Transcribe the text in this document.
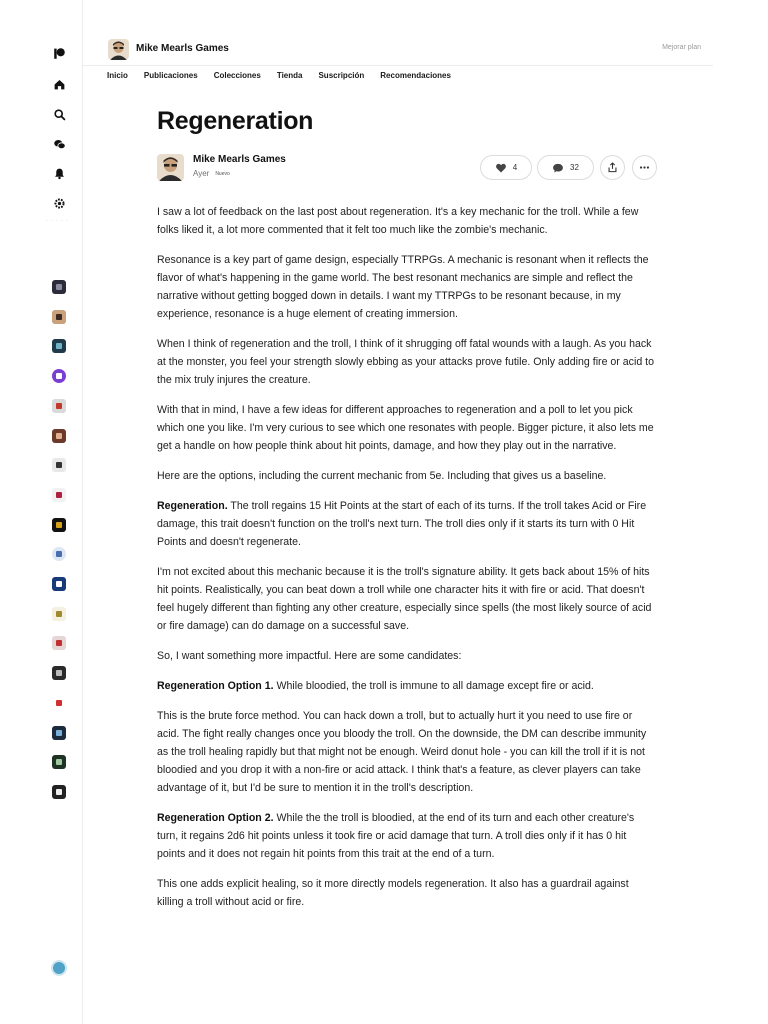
- - - - -
Mike Mearls Games	Mejorar plan
Inicio Publicaciones Colecciones Tienda Suscripción Recomendaciones
Regeneration
Mike Mearls Games
Ayer Nuevo
4	32

I saw a lot of feedback on the last post about regeneration. It's a key mechanic for the troll. While a few folks liked it, a lot more commented that it felt too much like the zombie's mechanic.

Resonance is a key part of game design, especially TTRPGs. A mechanic is resonant when it reflects the flavor of what's happening in the game world. The best resonant mechanics are simple and reflect the narrative without getting bogged down in details. I want my TTRPGs to be resonant because, in my experience, resonance is a huge element of creating immersion.

When I think of regeneration and the troll, I think of it shrugging off fatal wounds with a laugh. As you hack at the monster, you feel your strength slowly ebbing as your attacks prove futile. Only adding fire or acid to the mix truly injures the creature.

With that in mind, I have a few ideas for different approaches to regeneration and a poll to let you pick which one you like. I'm very curious to see which one resonates with people. Bigger picture, it also lets me get a handle on how people think about hit points, damage, and how they play out in the narrative.

Here are the options, including the current mechanic from 5e. Including that gives us a baseline.

Regeneration. The troll regains 15 Hit Points at the start of each of its turns. If the troll takes Acid or Fire damage, this trait doesn't function on the troll's next turn. The troll dies only if it starts its turn with 0 Hit Points and doesn't regenerate.

I'm not excited about this mechanic because it is the troll's signature ability. It gets back about 15% of hits hit points. Realistically, you can beat down a troll while one character hits it with fire or acid. That doesn't feel hugely different than fighting any other creature, especially since spells (the most likely source of acid or fire damage) can do damage on a successful save.

So, I want something more impactful. Here are some candidates:

Regeneration Option 1. While bloodied, the troll is immune to all damage except fire or acid.

This is the brute force method. You can hack down a troll, but to actually hurt it you need to use fire or acid. The fight really changes once you bloody the troll. On the downside, the DM can describe immunity as the troll healing rapidly but that might not be enough. Weird donut hole - you can kill the troll if it is not bloodied and you drop it with a non-fire or acid attack. I think that's a feature, as clever players can take advantage of it, but I'd be sure to mention it in the troll's description.

Regeneration Option 2. While the the troll is bloodied, at the end of its turn and each other creature's turn, it regains 2d6 hit points unless it took fire or acid damage that turn. A troll dies only if it has 0 hit points and it does not regain hit points from this trait at the end of a turn.

This one adds explicit healing, so it more directly models regeneration. It also has a guardrail against killing a troll without acid or fire.
